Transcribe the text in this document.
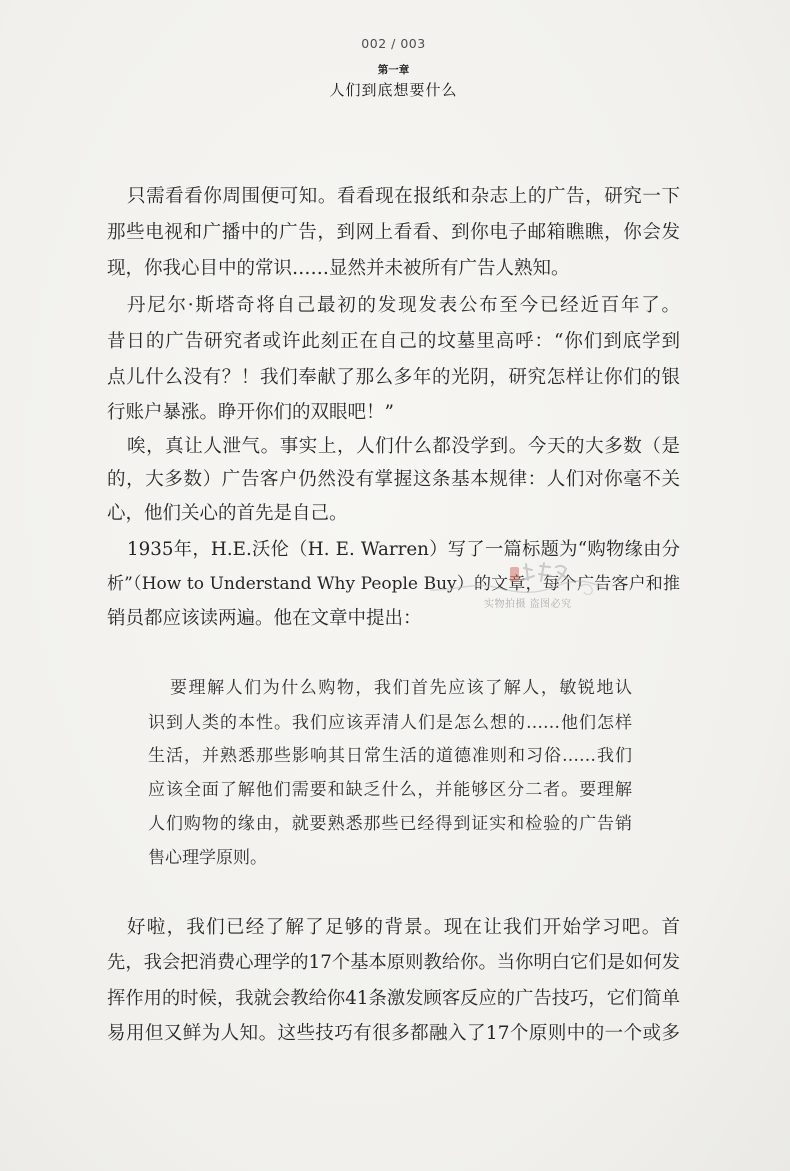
002 / 003
第一章
人们到底想要什么
只需看看你周围便可知。看看现在报纸和杂志上的广告，研究一下
那些电视和广播中的广告，到网上看看、到你电子邮箱瞧瞧，你会发
现，你我心目中的常识……显然并未被所有广告人熟知。
丹尼尔·斯塔奇将自己最初的发现发表公布至今已经近百年了。
昔日的广告研究者或许此刻正在自己的坟墓里高呼：“你们到底学到
点儿什么没有？！我们奉献了那么多年的光阴，研究怎样让你们的银
行账户暴涨。睁开你们的双眼吧！”
唉，真让人泄气。事实上，人们什么都没学到。今天的大多数（是
的，大多数）广告客户仍然没有掌握这条基本规律：人们对你毫不关
心，他们关心的首先是自己。
1935年，H.E.沃伦（H. E. Warren）写了一篇标题为“购物缘由分
析”（How to Understand Why People Buy）的文章，每个广告客户和推
销员都应该读两遍。他在文章中提出：
要理解人们为什么购物，我们首先应该了解人，敏锐地认
识到人类的本性。我们应该弄清人们是怎么想的……他们怎样
生活，并熟悉那些影响其日常生活的道德准则和习俗……我们
应该全面了解他们需要和缺乏什么，并能够区分二者。要理解
人们购物的缘由，就要熟悉那些已经得到证实和检验的广告销
售心理学原则。
好啦，我们已经了解了足够的背景。现在让我们开始学习吧。首
先，我会把消费心理学的17个基本原则教给你。当你明白它们是如何发
挥作用的时候，我就会教给你41条激发顾客反应的广告技巧，它们简单
易用但又鲜为人知。这些技巧有很多都融入了17个原则中的一个或多
实物拍摄 盗图必究
